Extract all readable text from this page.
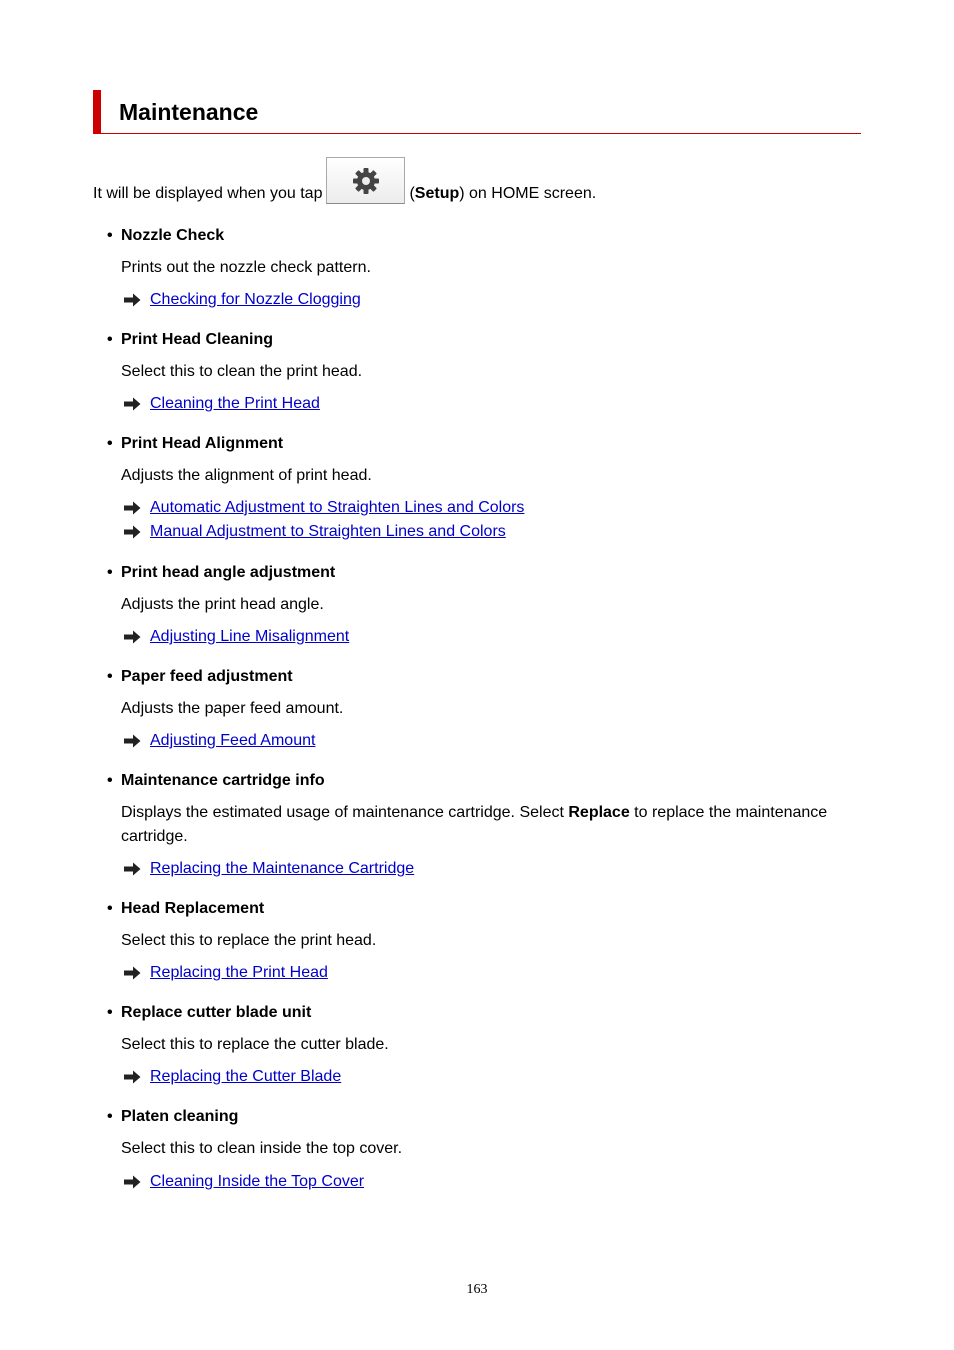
Maintenance
It will be displayed when you tap	( Setup ) on HOME screen.
• Nozzle Check
Prints out the nozzle check pattern.
Checking for Nozzle Clogging
• Print Head Cleaning
Select this to clean the print head.
Cleaning the Print Head
• Print Head Alignment
Adjusts the alignment of print head.
Automatic Adjustment to Straighten Lines and Colors
Manual Adjustment to Straighten Lines and Colors
• Print head angle adjustment
Adjusts the print head angle.
Adjusting Line Misalignment
• Paper feed adjustment
Adjusts the paper feed amount.
Adjusting Feed Amount
• Maintenance cartridge info
Displays the estimated usage of maintenance cartridge. Select Replace to replace the maintenance cartridge.
Replacing the Maintenance Cartridge
• Head Replacement
Select this to replace the print head.
Replacing the Print Head
• Replace cutter blade unit
Select this to replace the cutter blade.
Replacing the Cutter Blade
• Platen cleaning
Select this to clean inside the top cover.
Cleaning Inside the Top Cover
163
